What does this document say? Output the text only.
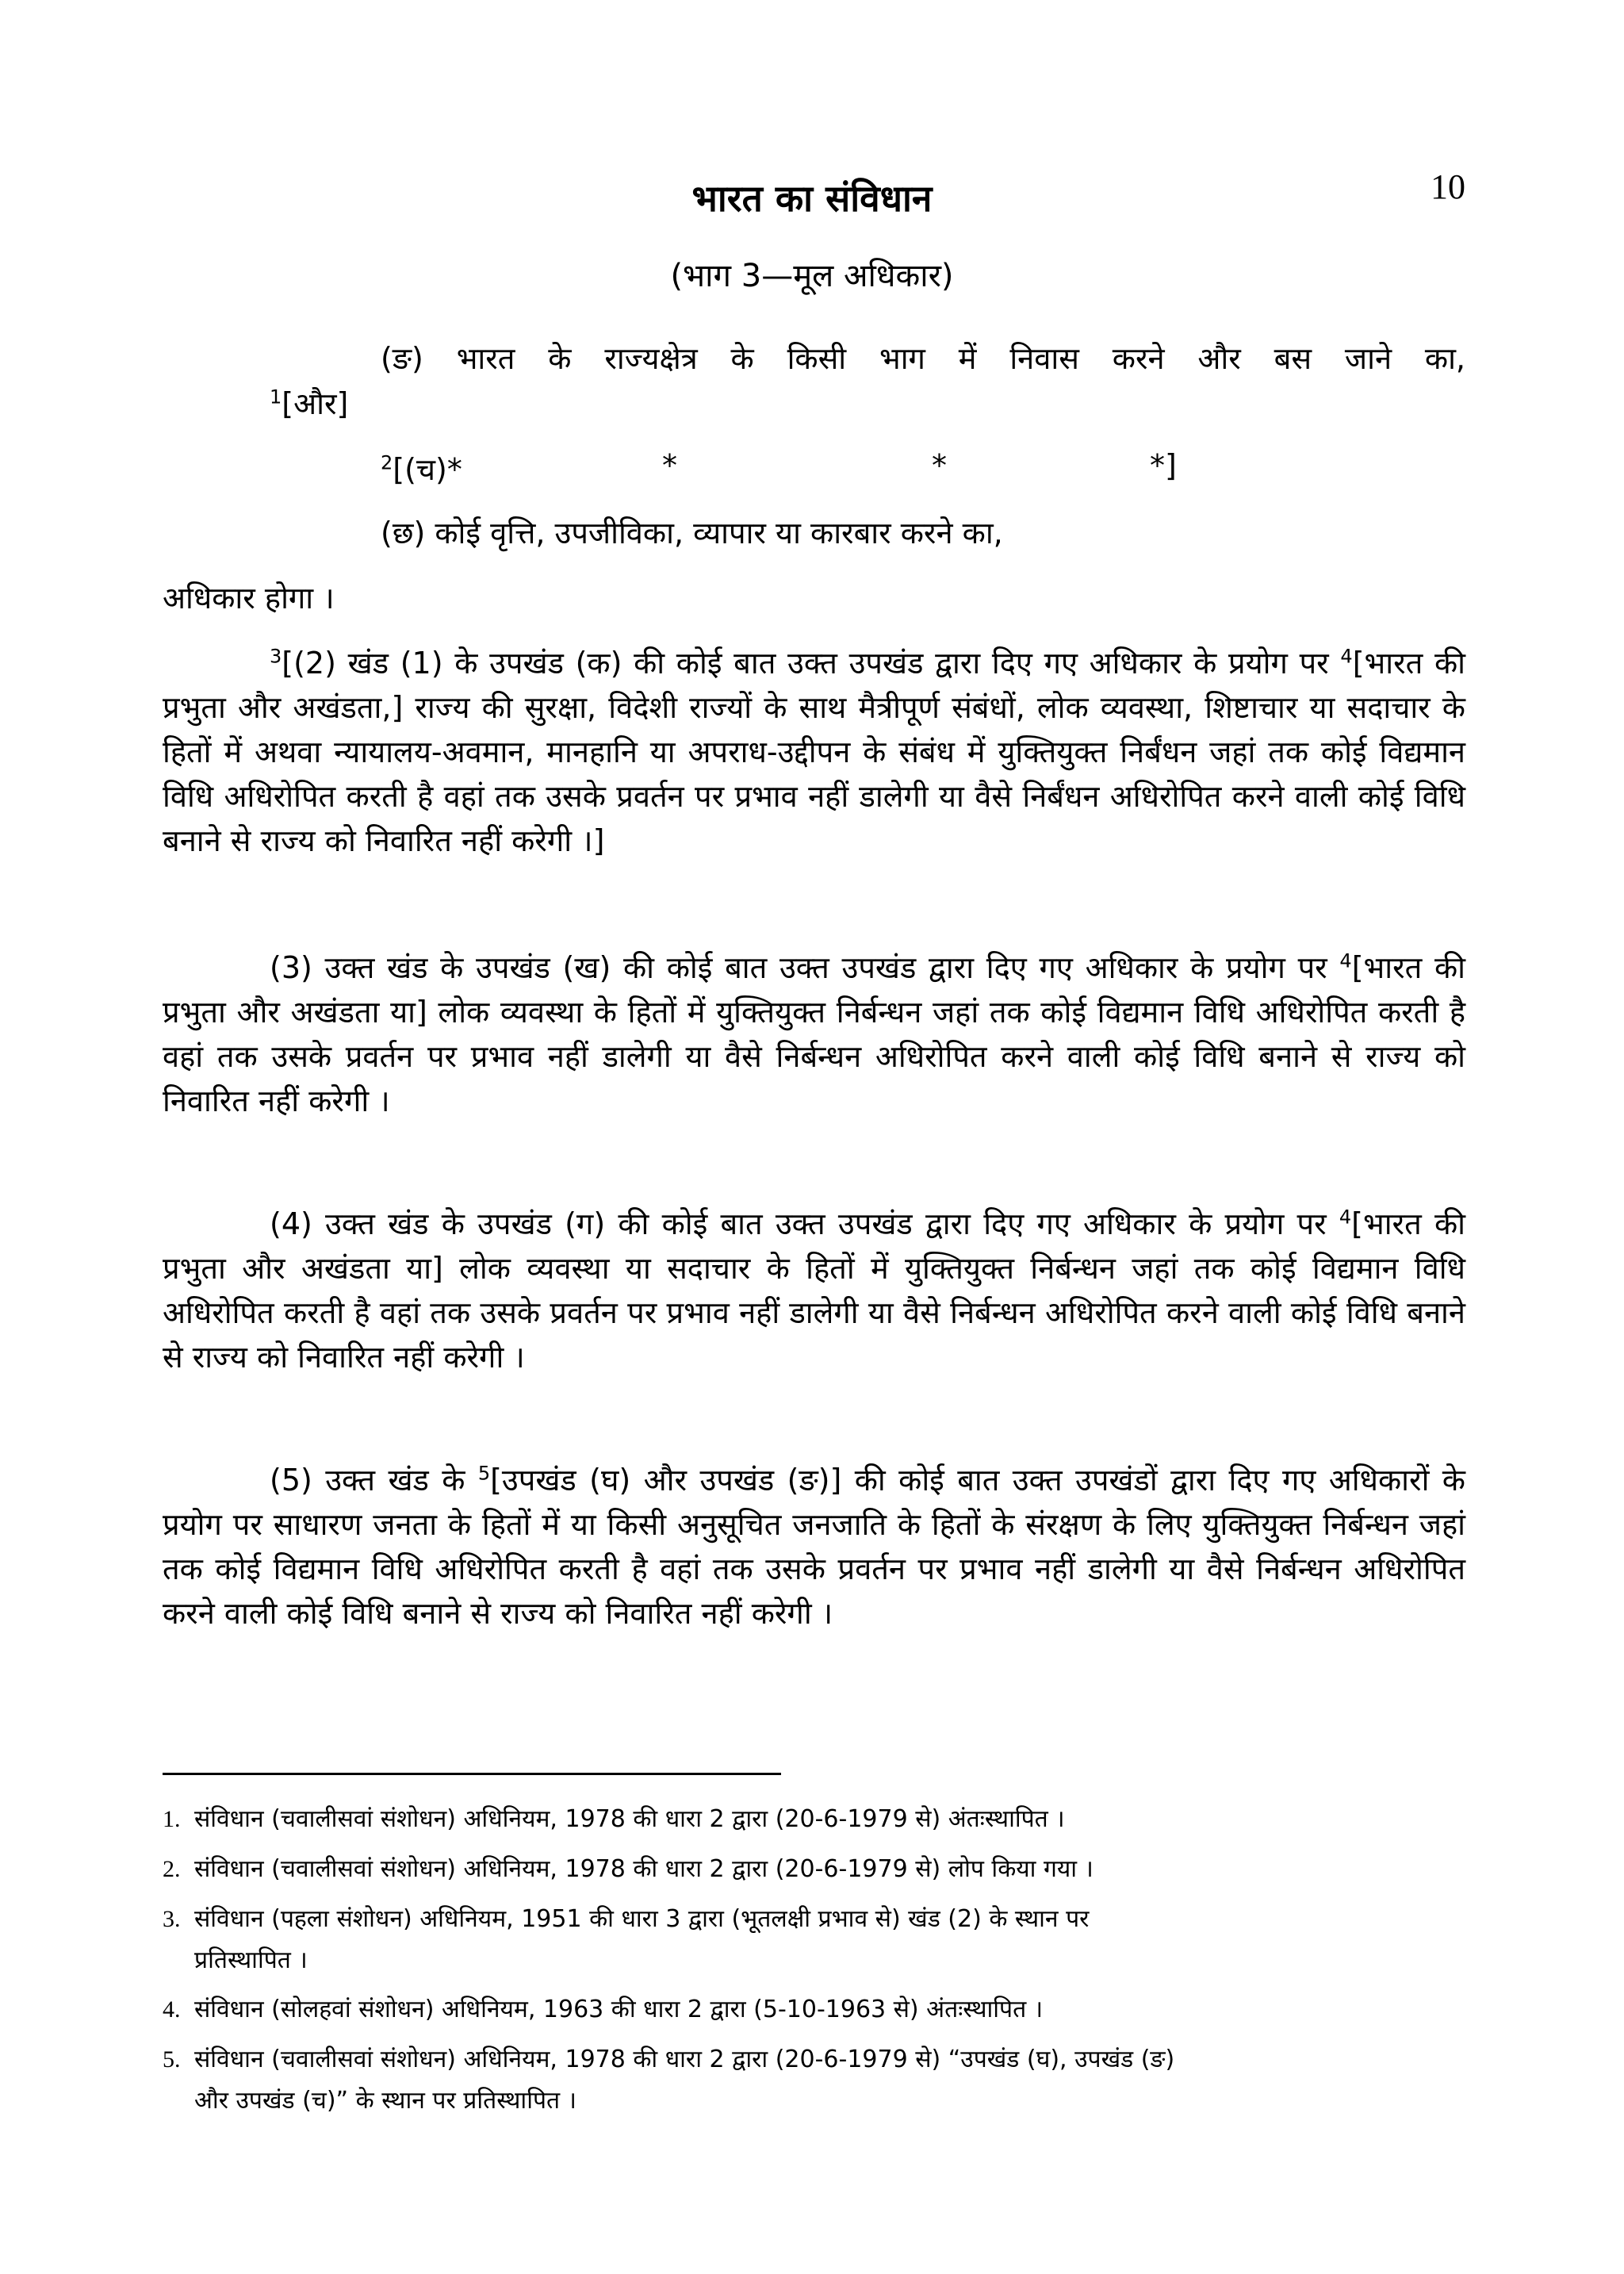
10
भारत का संविधान
(भाग 3—मूल अधिकार)
(ङ) भारत के राज्यक्षेत्र के किसी भाग में निवास करने और बस जाने का,
$^1$[और]
$^2$[(च)*	*	*	*]
(छ) कोई वृत्ति, उपजीविका, व्यापार या कारबार करने का,
अधिकार होगा ।
$^3$[(2) खंड (1) के उपखंड (क) की कोई बात उक्त उपखंड द्वारा दिए गए अधिकार के प्रयोग पर $^4$[भारत की प्रभुता और अखंडता,] राज्य की सुरक्षा, विदेशी राज्यों के साथ मैत्रीपूर्ण संबंधों, लोक व्यवस्था, शिष्टाचार या सदाचार के हितों में अथवा न्यायालय-अवमान, मानहानि या अपराध-उद्दीपन के संबंध में युक्तियुक्त निर्बंधन जहां तक कोई विद्यमान विधि अधिरोपित करती है वहां तक उसके प्रवर्तन पर प्रभाव नहीं डालेगी या वैसे निर्बंधन अधिरोपित करने वाली कोई विधि बनाने से राज्य को निवारित नहीं करेगी ।]
(3) उक्त खंड के उपखंड (ख) की कोई बात उक्त उपखंड द्वारा दिए गए अधिकार के प्रयोग पर $^4$[भारत की प्रभुता और अखंडता या] लोक व्यवस्था के हितों में युक्तियुक्त निर्बन्धन जहां तक कोई विद्यमान विधि अधिरोपित करती है वहां तक उसके प्रवर्तन पर प्रभाव नहीं डालेगी या वैसे निर्बन्धन अधिरोपित करने वाली कोई विधि बनाने से राज्य को निवारित नहीं करेगी ।
(4) उक्त खंड के उपखंड (ग) की कोई बात उक्त उपखंड द्वारा दिए गए अधिकार के प्रयोग पर $^4$[भारत की प्रभुता और अखंडता या] लोक व्यवस्था या सदाचार के हितों में युक्तियुक्त निर्बन्धन जहां तक कोई विद्यमान विधि अधिरोपित करती है वहां तक उसके प्रवर्तन पर प्रभाव नहीं डालेगी या वैसे निर्बन्धन अधिरोपित करने वाली कोई विधि बनाने से राज्य को निवारित नहीं करेगी ।
(5) उक्त खंड के $^5$[उपखंड (घ) और उपखंड (ङ)] की कोई बात उक्त उपखंडों द्वारा दिए गए अधिकारों के प्रयोग पर साधारण जनता के हितों में या किसी अनुसूचित जनजाति के हितों के संरक्षण के लिए युक्तियुक्त निर्बन्धन जहां तक कोई विद्यमान विधि अधिरोपित करती है वहां तक उसके प्रवर्तन पर प्रभाव नहीं डालेगी या वैसे निर्बन्धन अधिरोपित करने वाली कोई विधि बनाने से राज्य को निवारित नहीं करेगी ।
1. संविधान (चवालीसवां संशोधन) अधिनियम, 1978 की धारा 2 द्वारा (20-6-1979 से) अंतःस्थापित ।
2. संविधान (चवालीसवां संशोधन) अधिनियम, 1978 की धारा 2 द्वारा (20-6-1979 से) लोप किया गया ।
3. संविधान (पहला संशोधन) अधिनियम, 1951 की धारा 3 द्वारा (भूतलक्षी प्रभाव से) खंड (2) के स्थान पर
प्रतिस्थापित ।
4. संविधान (सोलहवां संशोधन) अधिनियम, 1963 की धारा 2 द्वारा (5-10-1963 से) अंतःस्थापित ।
5. संविधान (चवालीसवां संशोधन) अधिनियम, 1978 की धारा 2 द्वारा (20-6-1979 से) “उपखंड (घ), उपखंड (ङ)
और उपखंड (च)” के स्थान पर प्रतिस्थापित ।
